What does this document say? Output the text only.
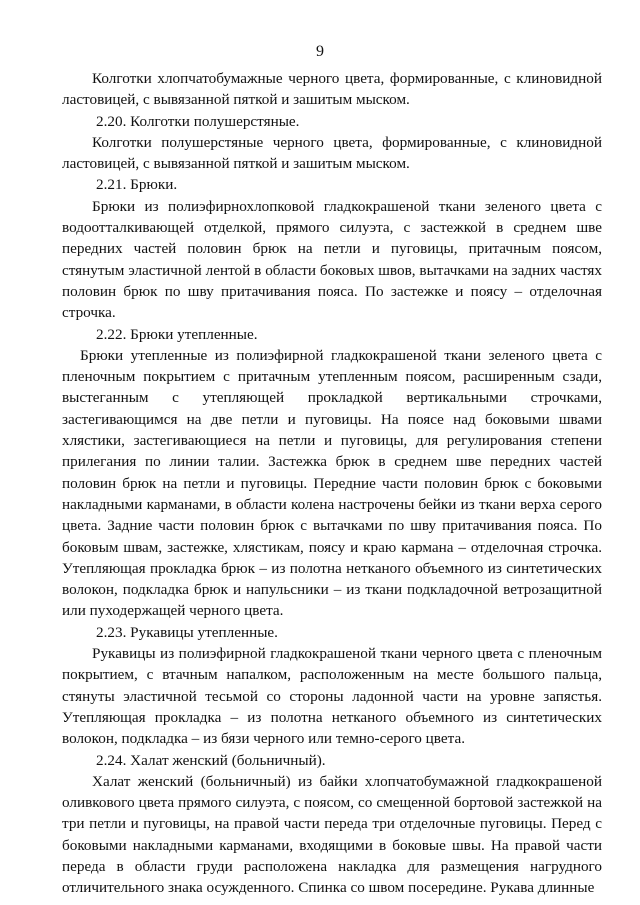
9

Колготки хлопчатобумажные черного цвета, формированные, с клиновидной ластовицей, с вывязанной пяткой и зашитым мыском.

2.20. Колготки полушерстяные.

Колготки полушерстяные черного цвета, формированные, с клиновидной ластовицей, с вывязанной пяткой и зашитым мыском.

2.21. Брюки.

Брюки из полиэфирнохлопковой гладкокрашеной ткани зеленого цвета с водоотталкивающей отделкой, прямого силуэта, с застежкой в среднем шве передних частей половин брюк на петли и пуговицы, притачным поясом, стянутым эластичной лентой в области боковых швов, вытачками на задних частях половин брюк по шву притачивания пояса. По застежке и поясу – отделочная строчка.

2.22. Брюки утепленные.

Брюки утепленные из полиэфирной гладкокрашеной ткани зеленого цвета с пленочным покрытием с притачным утепленным поясом, расширенным сзади, выстеганным с утепляющей прокладкой вертикальными строчками, застегивающимся на две петли и пуговицы. На поясе над боковыми швами хлястики, застегивающиеся на петли и пуговицы, для регулирования степени прилегания по линии талии. Застежка брюк в среднем шве передних частей половин брюк на петли и пуговицы. Передние части половин брюк с боковыми накладными карманами, в области колена настрочены бейки из ткани верха серого цвета. Задние части половин брюк с вытачками по шву притачивания пояса. По боковым швам, застежке, хлястикам, поясу и краю кармана – отделочная строчка. Утепляющая прокладка брюк – из полотна нетканого объемного из синтетических волокон, подкладка брюк и напульсники – из ткани подкладочной ветрозащитной или пуходержащей черного цвета.

2.23. Рукавицы утепленные.

Рукавицы из полиэфирной гладкокрашеной ткани черного цвета с пленочным покрытием, с втачным напалком, расположенным на месте большого пальца, стянуты эластичной тесьмой со стороны ладонной части на уровне запястья. Утепляющая прокладка – из полотна нетканого объемного из синтетических волокон, подкладка – из бязи черного или темно-серого цвета.

2.24. Халат женский (больничный).

Халат женский (больничный) из байки хлопчатобумажной гладкокрашеной оливкового цвета прямого силуэта, с поясом, со смещенной бортовой застежкой на три петли и пуговицы, на правой части переда три отделочные пуговицы. Перед с боковыми накладными карманами, входящими в боковые швы. На правой части переда в области груди расположена накладка для размещения нагрудного отличительного знака осужденного. Спинка со швом посередине. Рукава длинные
